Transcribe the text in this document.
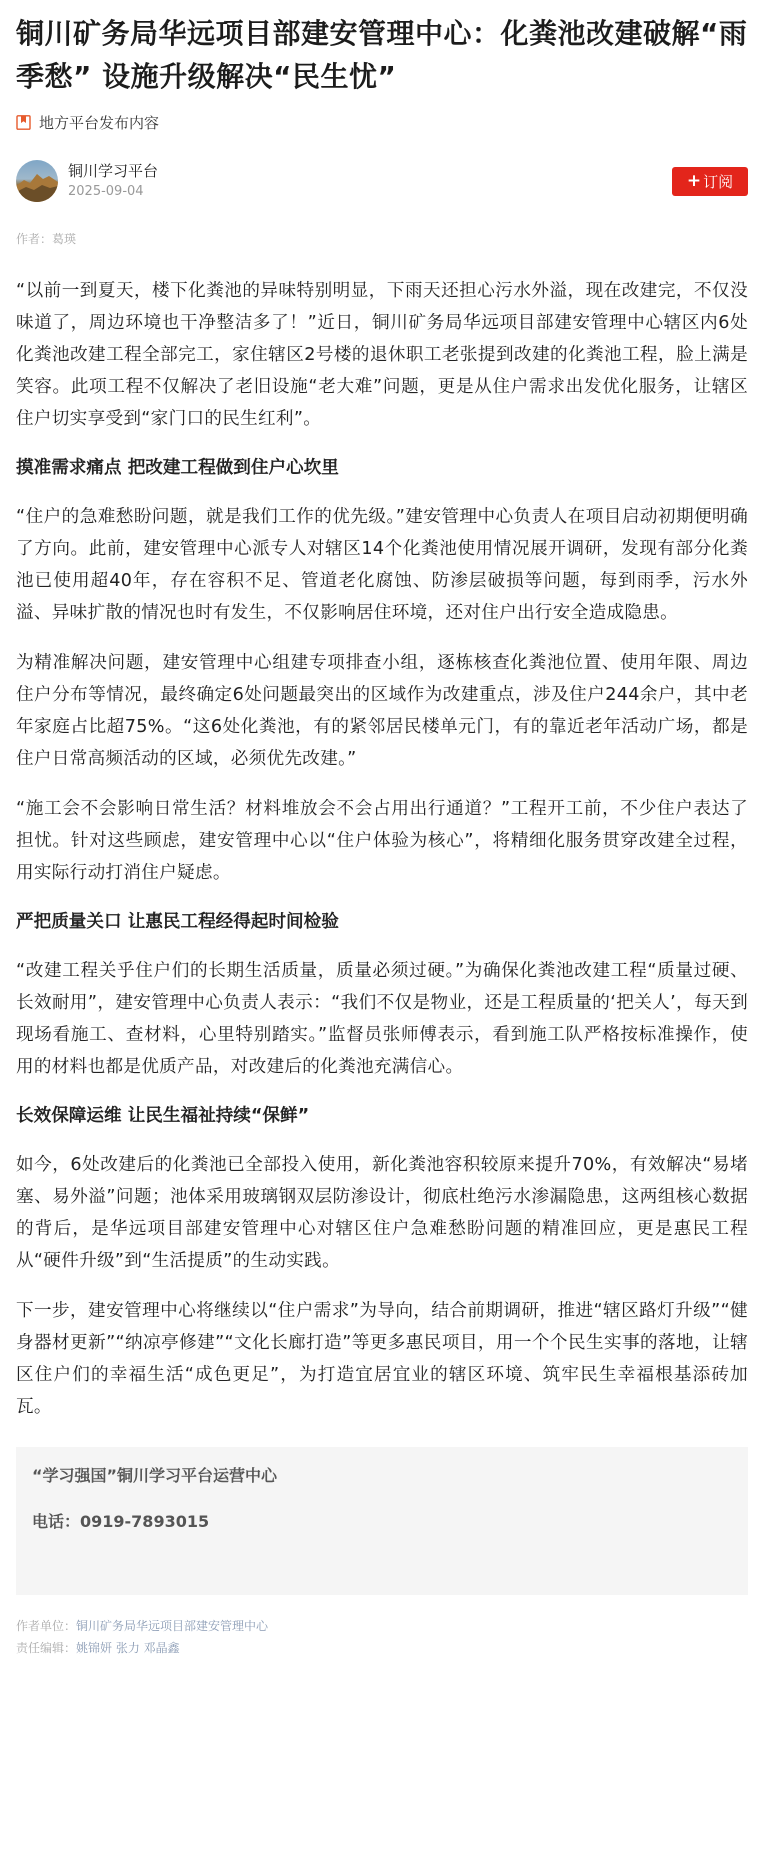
铜川矿务局华远项目部建安管理中心：化粪池改建破解“雨季愁” 设施升级解决“民生忧”
地方平台发布内容
铜川学习平台
2025-09-04
+ 订阅
作者：葛瑛

“以前一到夏天，楼下化粪池的异味特别明显，下雨天还担心污水外溢，现在改建完，不仅没味道了，周边环境也干净整洁多了！”近日，铜川矿务局华远项目部建安管理中心辖区内6处化粪池改建工程全部完工，家住辖区2号楼的退休职工老张提到改建的化粪池工程，脸上满是笑容。此项工程不仅解决了老旧设施“老大难”问题，更是从住户需求出发优化服务，让辖区住户切实享受到“家门口的民生红利”。

摸准需求痛点 把改建工程做到住户心坎里

“住户的急难愁盼问题，就是我们工作的优先级。”建安管理中心负责人在项目启动初期便明确了方向。此前，建安管理中心派专人对辖区14个化粪池使用情况展开调研，发现有部分化粪池已使用超40年，存在容积不足、管道老化腐蚀、防渗层破损等问题，每到雨季，污水外溢、异味扩散的情况也时有发生，不仅影响居住环境，还对住户出行安全造成隐患。

为精准解决问题，建安管理中心组建专项排查小组，逐栋核查化粪池位置、使用年限、周边住户分布等情况，最终确定6处问题最突出的区域作为改建重点，涉及住户244余户，其中老年家庭占比超75%。“这6处化粪池，有的紧邻居民楼单元门，有的靠近老年活动广场，都是住户日常高频活动的区域，必须优先改建。”

“施工会不会影响日常生活？材料堆放会不会占用出行通道？”工程开工前，不少住户表达了担忧。针对这些顾虑，建安管理中心以“住户体验为核心”，将精细化服务贯穿改建全过程，用实际行动打消住户疑虑。

严把质量关口 让惠民工程经得起时间检验

“改建工程关乎住户们的长期生活质量，质量必须过硬。”为确保化粪池改建工程“质量过硬、长效耐用”，建安管理中心负责人表示：“我们不仅是物业，还是工程质量的‘把关人’，每天到现场看施工、查材料，心里特别踏实。”监督员张师傅表示，看到施工队严格按标准操作，使用的材料也都是优质产品，对改建后的化粪池充满信心。

长效保障运维 让民生福祉持续“保鲜”

如今，6处改建后的化粪池已全部投入使用，新化粪池容积较原来提升70%，有效解决“易堵塞、易外溢”问题；池体采用玻璃钢双层防渗设计，彻底杜绝污水渗漏隐患，这两组核心数据的背后，是华远项目部建安管理中心对辖区住户急难愁盼问题的精准回应，更是惠民工程从“硬件升级”到“生活提质”的生动实践。

下一步，建安管理中心将继续以“住户需求”为导向，结合前期调研，推进“辖区路灯升级”“健身器材更新”“纳凉亭修建”“文化长廊打造”等更多惠民项目，用一个个民生实事的落地，让辖区住户们的幸福生活“成色更足”，为打造宜居宜业的辖区环境、筑牢民生幸福根基添砖加瓦。

“学习强国”铜川学习平台运营中心
电话：0919-7893015
作者单位：铜川矿务局华远项目部建安管理中心
责任编辑：姚锦妍 张力 邓晶鑫
